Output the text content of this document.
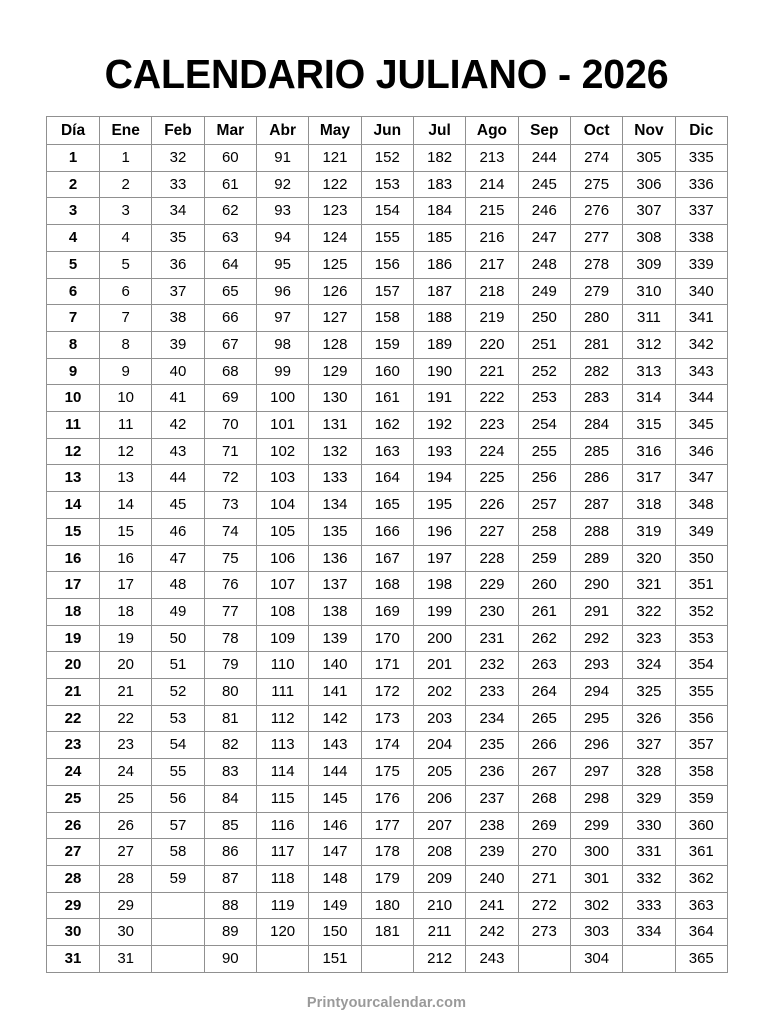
CALENDARIO JULIANO - 2026
Día	Ene	Feb	Mar	Abr	May	Jun	Jul	Ago	Sep	Oct	Nov	Dic
1	1	32	60	91	121	152	182	213	244	274	305	335
2	2	33	61	92	122	153	183	214	245	275	306	336
3	3	34	62	93	123	154	184	215	246	276	307	337
4	4	35	63	94	124	155	185	216	247	277	308	338
5	5	36	64	95	125	156	186	217	248	278	309	339
6	6	37	65	96	126	157	187	218	249	279	310	340
7	7	38	66	97	127	158	188	219	250	280	311	341
8	8	39	67	98	128	159	189	220	251	281	312	342
9	9	40	68	99	129	160	190	221	252	282	313	343
10	10	41	69	100	130	161	191	222	253	283	314	344
11	11	42	70	101	131	162	192	223	254	284	315	345
12	12	43	71	102	132	163	193	224	255	285	316	346
13	13	44	72	103	133	164	194	225	256	286	317	347
14	14	45	73	104	134	165	195	226	257	287	318	348
15	15	46	74	105	135	166	196	227	258	288	319	349
16	16	47	75	106	136	167	197	228	259	289	320	350
17	17	48	76	107	137	168	198	229	260	290	321	351
18	18	49	77	108	138	169	199	230	261	291	322	352
19	19	50	78	109	139	170	200	231	262	292	323	353
20	20	51	79	110	140	171	201	232	263	293	324	354
21	21	52	80	111	141	172	202	233	264	294	325	355
22	22	53	81	112	142	173	203	234	265	295	326	356
23	23	54	82	113	143	174	204	235	266	296	327	357
24	24	55	83	114	144	175	205	236	267	297	328	358
25	25	56	84	115	145	176	206	237	268	298	329	359
26	26	57	85	116	146	177	207	238	269	299	330	360
27	27	58	86	117	147	178	208	239	270	300	331	361
28	28	59	87	118	148	179	209	240	271	301	332	362
29	29		88	119	149	180	210	241	272	302	333	363
30	30		89	120	150	181	211	242	273	303	334	364
31	31		90		151		212	243		304		365
Printyourcalendar.com
